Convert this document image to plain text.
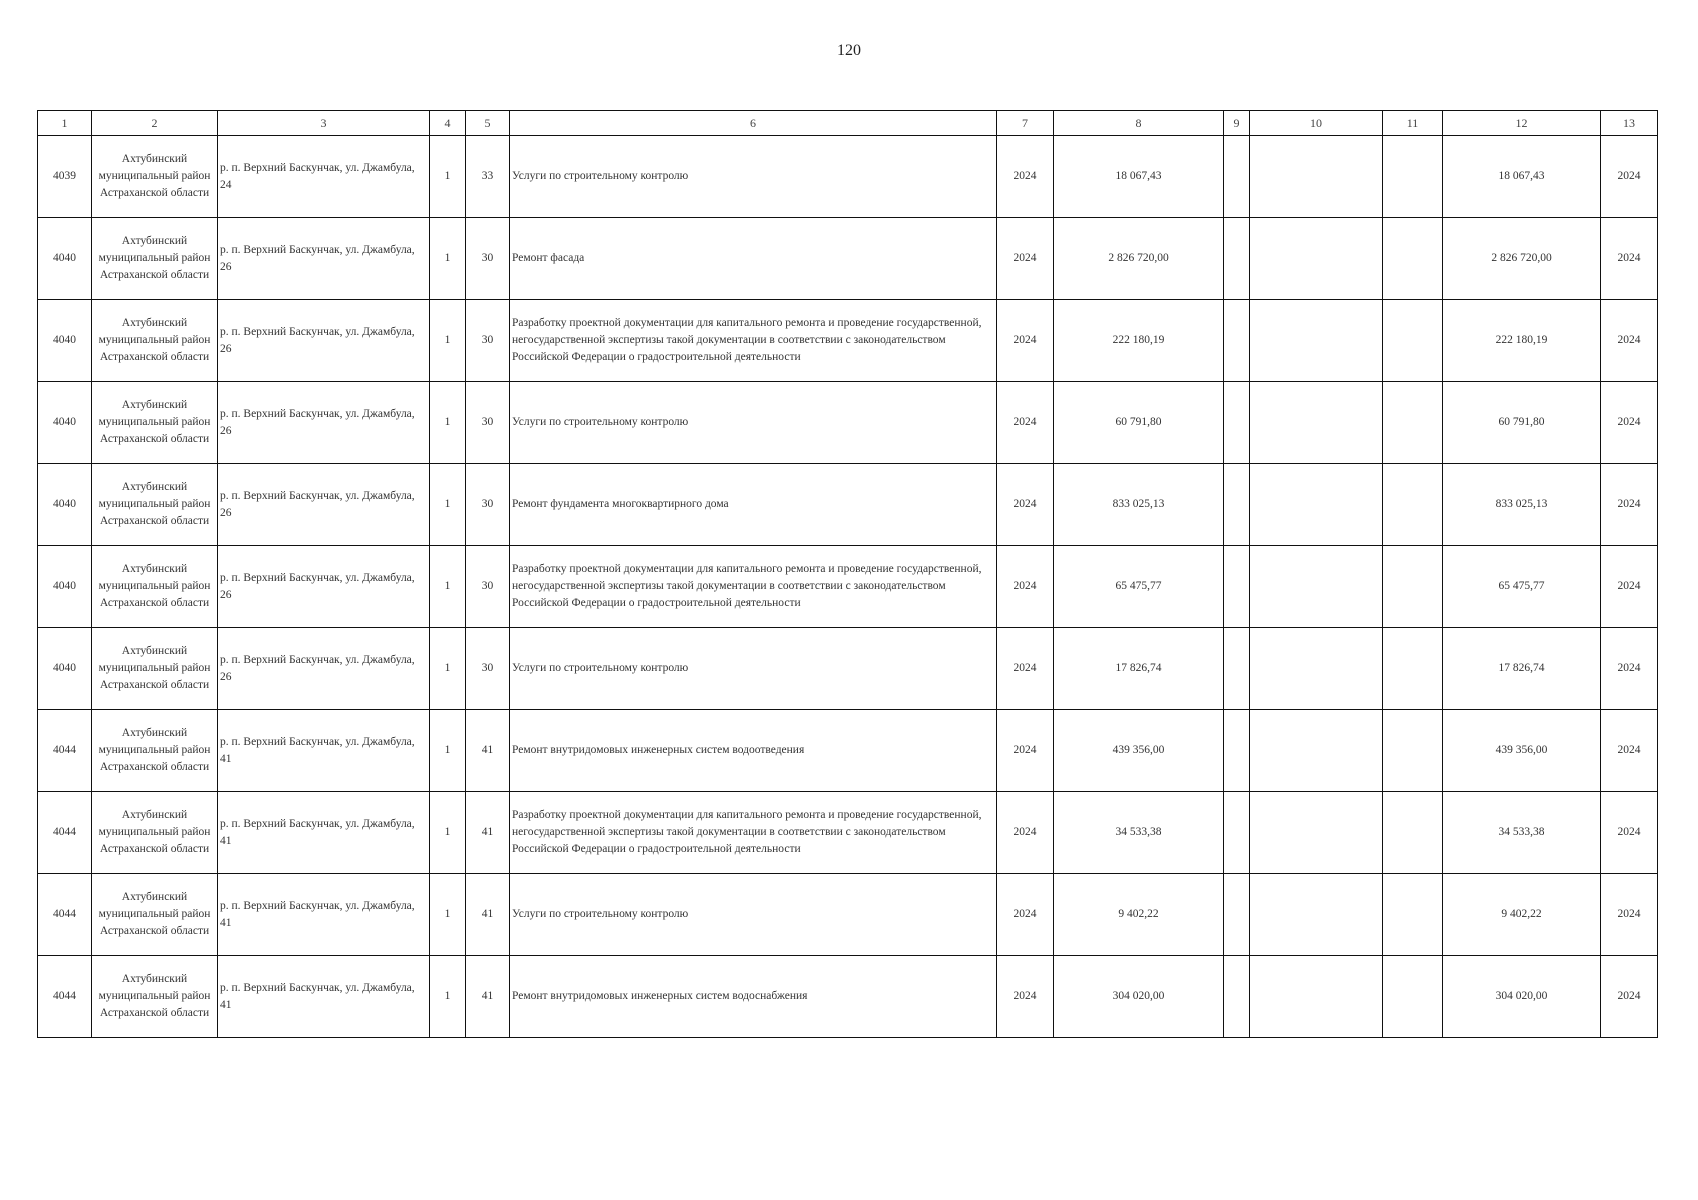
120
1	2	3	4	5	6	7	8	9	10	11	12	13
4039	Ахтубинский муниципальный район Астраханской области	р. п. Верхний Баскунчак, ул. Джамбула, 24	1	33	Услуги по строительному контролю	2024	18 067,43				18 067,43	2024
4040	Ахтубинский муниципальный район Астраханской области	р. п. Верхний Баскунчак, ул. Джамбула, 26	1	30	Ремонт фасада	2024	2 826 720,00				2 826 720,00	2024
4040	Ахтубинский муниципальный район Астраханской области	р. п. Верхний Баскунчак, ул. Джамбула, 26	1	30	Разработку проектной документации для капитального ремонта и проведение государственной, негосударственной экспертизы такой документации в соответствии с законодательством Российской Федерации о градостроительной деятельности	2024	222 180,19				222 180,19	2024
4040	Ахтубинский муниципальный район Астраханской области	р. п. Верхний Баскунчак, ул. Джамбула, 26	1	30	Услуги по строительному контролю	2024	60 791,80				60 791,80	2024
4040	Ахтубинский муниципальный район Астраханской области	р. п. Верхний Баскунчак, ул. Джамбула, 26	1	30	Ремонт фундамента многоквартирного дома	2024	833 025,13				833 025,13	2024
4040	Ахтубинский муниципальный район Астраханской области	р. п. Верхний Баскунчак, ул. Джамбула, 26	1	30	Разработку проектной документации для капитального ремонта и проведение государственной, негосударственной экспертизы такой документации в соответствии с законодательством Российской Федерации о градостроительной деятельности	2024	65 475,77				65 475,77	2024
4040	Ахтубинский муниципальный район Астраханской области	р. п. Верхний Баскунчак, ул. Джамбула, 26	1	30	Услуги по строительному контролю	2024	17 826,74				17 826,74	2024
4044	Ахтубинский муниципальный район Астраханской области	р. п. Верхний Баскунчак, ул. Джамбула, 41	1	41	Ремонт внутридомовых инженерных систем водоотведения	2024	439 356,00				439 356,00	2024
4044	Ахтубинский муниципальный район Астраханской области	р. п. Верхний Баскунчак, ул. Джамбула, 41	1	41	Разработку проектной документации для капитального ремонта и проведение государственной, негосударственной экспертизы такой документации в соответствии с законодательством Российской Федерации о градостроительной деятельности	2024	34 533,38				34 533,38	2024
4044	Ахтубинский муниципальный район Астраханской области	р. п. Верхний Баскунчак, ул. Джамбула, 41	1	41	Услуги по строительному контролю	2024	9 402,22				9 402,22	2024
4044	Ахтубинский муниципальный район Астраханской области	р. п. Верхний Баскунчак, ул. Джамбула, 41	1	41	Ремонт внутридомовых инженерных систем водоснабжения	2024	304 020,00				304 020,00	2024
